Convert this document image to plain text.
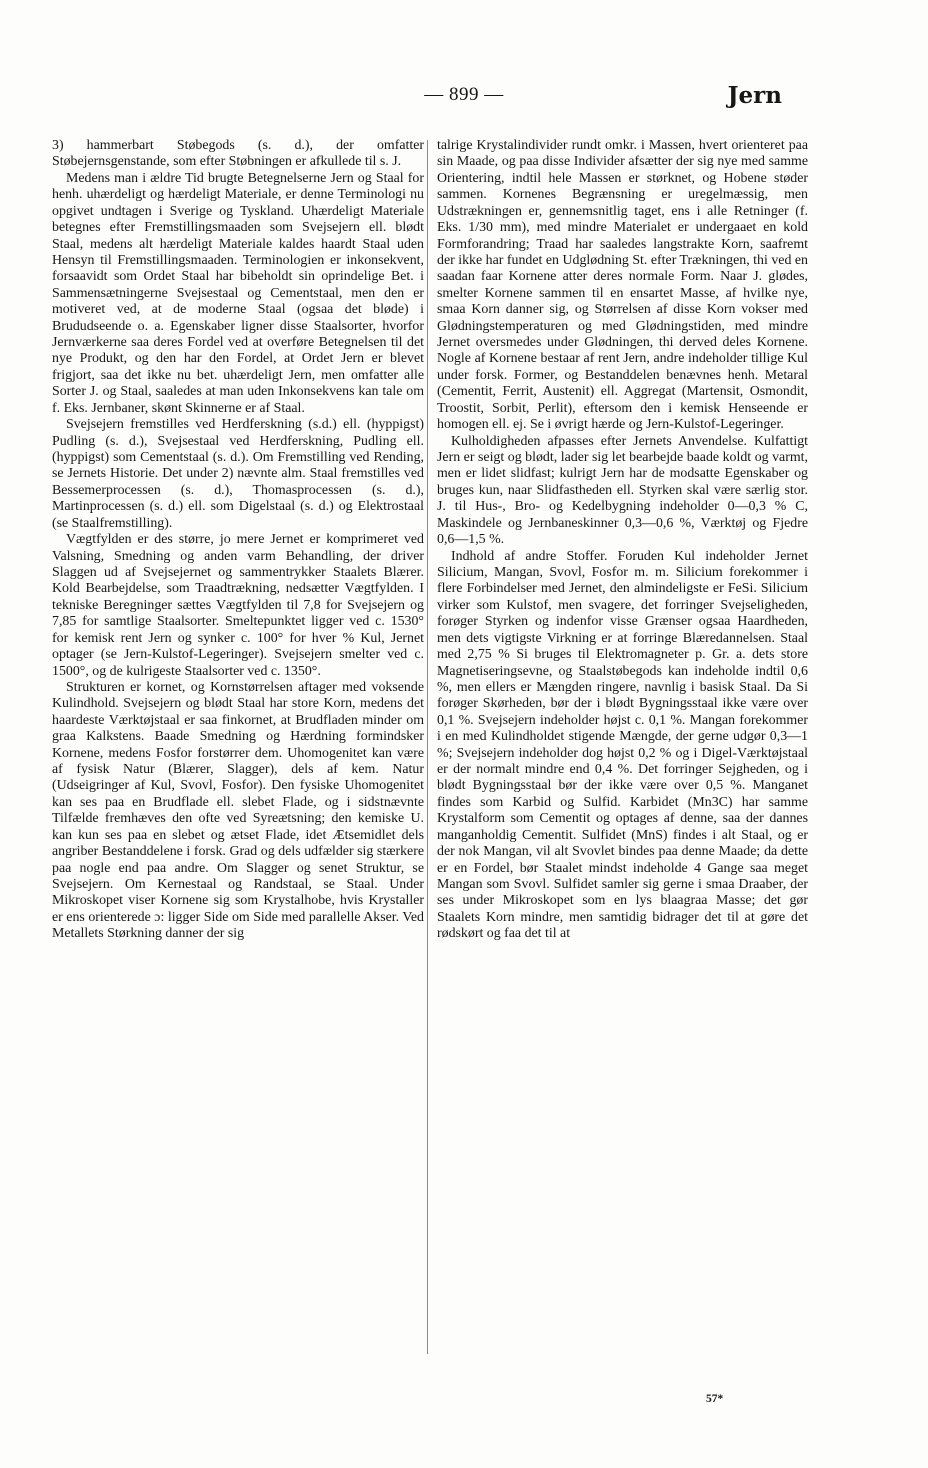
— 899 —	Jern

3) hammerbart Støbegods (s. d.), der omfatter Støbejernsgenstande, som efter Støbningen er afkullede til s. J.

Medens man i ældre Tid brugte Betegnelserne Jern og Staal for henh. uhærdeligt og hærdeligt Materiale, er denne Terminologi nu opgivet undtagen i Sverige og Tyskland. Uhærdeligt Materiale betegnes efter Fremstillingsmaaden som Svejsejern ell. blødt Staal, medens alt hærdeligt Materiale kaldes haardt Staal uden Hensyn til Fremstillingsmaaden. Terminologien er inkonsekvent, forsaavidt som Ordet Staal har bibeholdt sin oprindelige Bet. i Sammensætningerne Svejsestaal og Cementstaal, men den er motiveret ved, at de moderne Staal (ogsaa det bløde) i Brududseende o. a. Egenskaber ligner disse Staalsorter, hvorfor Jernværkerne saa deres Fordel ved at overføre Betegnelsen til det nye Produkt, og den har den Fordel, at Ordet Jern er blevet frigjort, saa det ikke nu bet. uhærdeligt Jern, men omfatter alle Sorter J. og Staal, saaledes at man uden Inkonsekvens kan tale om f. Eks. Jernbaner, skønt Skinnerne er af Staal.

Svejsejern fremstilles ved Herdferskning (s.d.) ell. (hyppigst) Pudling (s. d.), Svejsestaal ved Herdferskning, Pudling ell. (hyppigst) som Cementstaal (s. d.). Om Fremstilling ved Rending, se Jernets Historie. Det under 2) nævnte alm. Staal fremstilles ved Bessemerprocessen (s. d.), Thomasprocessen (s. d.), Martinprocessen (s. d.) ell. som Digelstaal (s. d.) og Elektrostaal (se Staalfremstilling).

Vægtfylden er des større, jo mere Jernet er komprimeret ved Valsning, Smedning og anden varm Behandling, der driver Slaggen ud af Svejsejernet og sammentrykker Staalets Blærer. Kold Bearbejdelse, som Traadtrækning, nedsætter Vægtfylden. I tekniske Beregninger sættes Vægtfylden til 7,8 for Svejsejern og 7,85 for samtlige Staalsorter. Smeltepunktet ligger ved c. 1530° for kemisk rent Jern og synker c. 100° for hver % Kul, Jernet optager (se Jern-Kulstof-Legeringer). Svejsejern smelter ved c. 1500°, og de kulrigeste Staalsorter ved c. 1350°.

Strukturen er kornet, og Kornstørrelsen aftager med voksende Kulindhold. Svejsejern og blødt Staal har store Korn, medens det haardeste Værktøjstaal er saa finkornet, at Brudfladen minder om graa Kalkstens. Baade Smedning og Hærdning formindsker Kornene, medens Fosfor forstørrer dem. Uhomogenitet kan være af fysisk Natur (Blærer, Slagger), dels af kem. Natur (Udseigringer af Kul, Svovl, Fosfor). Den fysiske Uhomogenitet kan ses paa en Brudflade ell. slebet Flade, og i sidstnævnte Tilfælde fremhæves den ofte ved Syreætsning; den kemiske U. kan kun ses paa en slebet og ætset Flade, idet Ætsemidlet dels angriber Bestanddelene i forsk. Grad og dels udfælder sig stærkere paa nogle end paa andre. Om Slagger og senet Struktur, se Svejsejern. Om Kernestaal og Randstaal, se Staal. Under Mikroskopet viser Kornene sig som Krystalhobe, hvis Krystaller er ens orienterede ɔ: ligger Side om Side med parallelle Akser. Ved Metallets Størkning danner der sig

talrige Krystalindivider rundt omkr. i Massen, hvert orienteret paa sin Maade, og paa disse Individer afsætter der sig nye med samme Orientering, indtil hele Massen er størknet, og Hobene støder sammen. Kornenes Begrænsning er uregelmæssig, men Udstrækningen er, gennemsnitlig taget, ens i alle Retninger (f. Eks. 1/30 mm), med mindre Materialet er undergaaet en kold Formforandring; Traad har saaledes langstrakte Korn, saafremt der ikke har fundet en Udglødning St. efter Trækningen, thi ved en saadan faar Kornene atter deres normale Form. Naar J. glødes, smelter Kornene sammen til en ensartet Masse, af hvilke nye, smaa Korn danner sig, og Størrelsen af disse Korn vokser med Glødningstemperaturen og med Glødningstiden, med mindre Jernet oversmedes under Glødningen, thi derved deles Kornene. Nogle af Kornene bestaar af rent Jern, andre indeholder tillige Kul under forsk. Former, og Bestanddelen benævnes henh. Metaral (Cementit, Ferrit, Austenit) ell. Aggregat (Martensit, Osmondit, Troostit, Sorbit, Perlit), eftersom den i kemisk Henseende er homogen ell. ej. Se i øvrigt hærde og Jern-Kulstof-Legeringer.

Kulholdigheden afpasses efter Jernets Anvendelse. Kulfattigt Jern er seigt og blødt, lader sig let bearbejde baade koldt og varmt, men er lidet slidfast; kulrigt Jern har de modsatte Egenskaber og bruges kun, naar Slidfastheden ell. Styrken skal være særlig stor. J. til Hus-, Bro- og Kedelbygning indeholder 0—0,3 % C, Maskindele og Jernbaneskinner 0,3—0,6 %, Værktøj og Fjedre 0,6—1,5 %.

Indhold af andre Stoffer. Foruden Kul indeholder Jernet Silicium, Mangan, Svovl, Fosfor m. m. Silicium forekommer i flere Forbindelser med Jernet, den almindeligste er FeSi. Silicium virker som Kulstof, men svagere, det forringer Svejseligheden, forøger Styrken og indenfor visse Grænser ogsaa Haardheden, men dets vigtigste Virkning er at forringe Blæredannelsen. Staal med 2,75 % Si bruges til Elektromagneter p. Gr. a. dets store Magnetiseringsevne, og Staalstøbegods kan indeholde indtil 0,6 %, men ellers er Mængden ringere, navnlig i basisk Staal. Da Si forøger Skørheden, bør der i blødt Bygningsstaal ikke være over 0,1 %. Svejsejern indeholder højst c. 0,1 %. Mangan forekommer i en med Kulindholdet stigende Mængde, der gerne udgør 0,3—1 %; Svejsejern indeholder dog højst 0,2 % og i Digel-Værktøjstaal er der normalt mindre end 0,4 %. Det forringer Sejgheden, og i blødt Bygningsstaal bør der ikke være over 0,5 %. Manganet findes som Karbid og Sulfid. Karbidet (Mn3C) har samme Krystalform som Cementit og optages af denne, saa der dannes manganholdig Cementit. Sulfidet (MnS) findes i alt Staal, og er der nok Mangan, vil alt Svovlet bindes paa denne Maade; da dette er en Fordel, bør Staalet mindst indeholde 4 Gange saa meget Mangan som Svovl. Sulfidet samler sig gerne i smaa Draaber, der ses under Mikroskopet som en lys blaagraa Masse; det gør Staalets Korn mindre, men samtidig bidrager det til at gøre det rødskørt og faa det til at

57*
